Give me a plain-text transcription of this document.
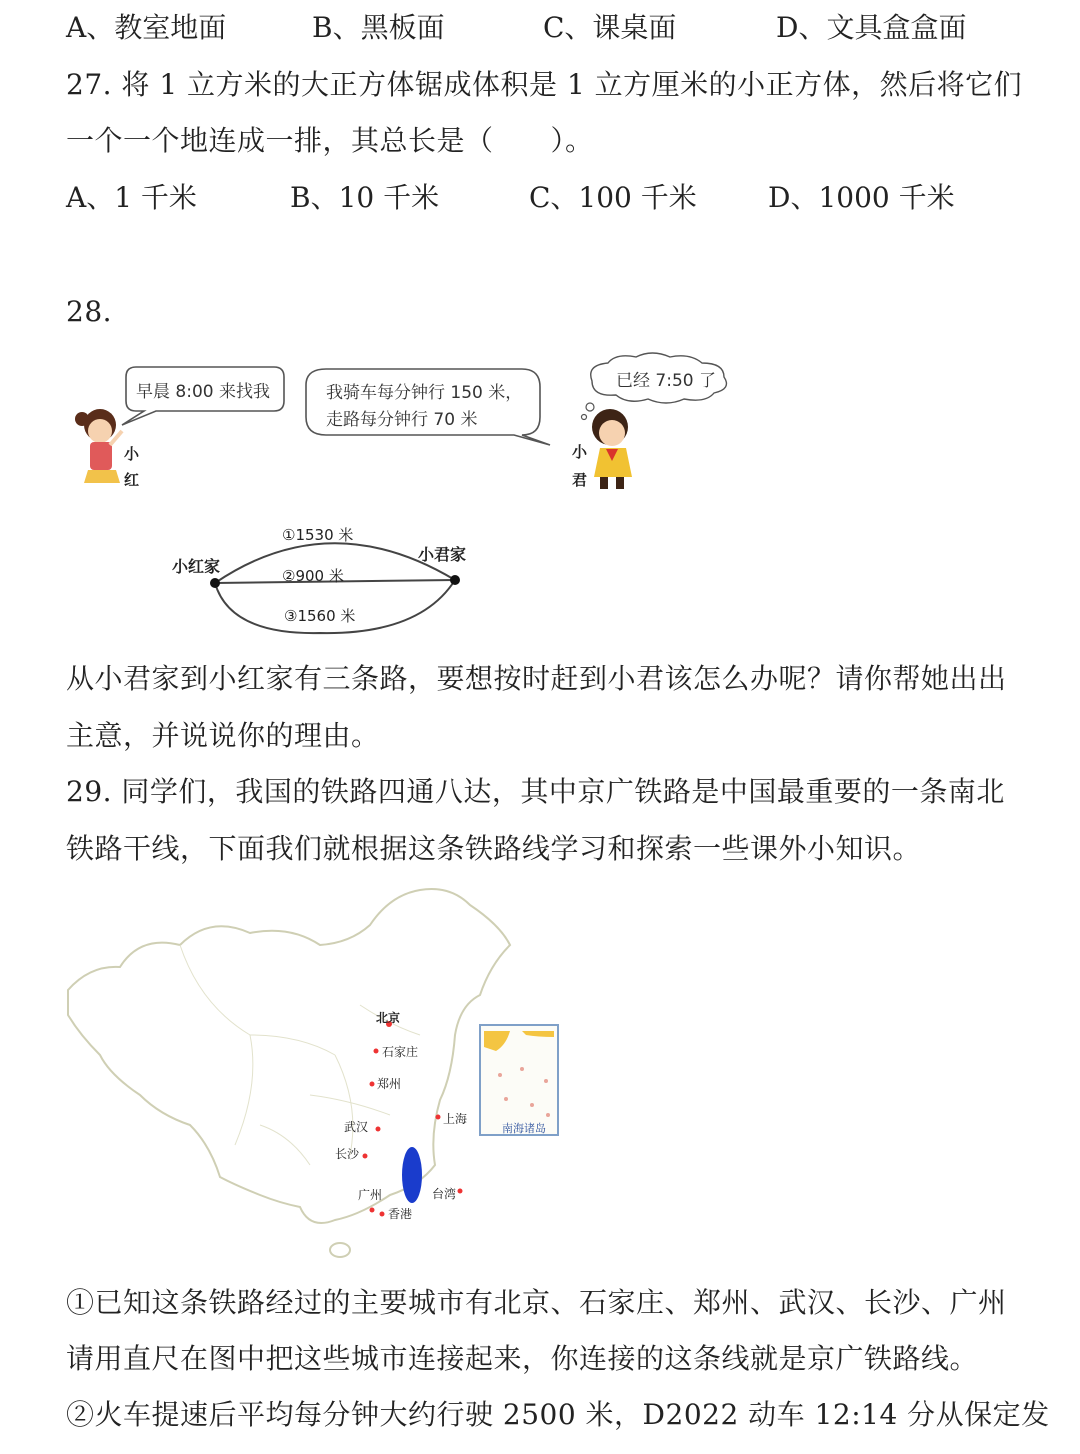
A、教室地面	B、黑板面	C、课桌面	D、文具盒盒面
27. 将 1 立方米的大正方体锯成体积是 1 立方厘米的小正方体，然后将它们
一个一个地连成一排，其总长是（　　）。
A、1 千米	B、10 千米	C、100 千米	D、1000 千米
28.
小
红
早晨 8:00 来找我	我骑车每分钟行 150 米，
走路每分钟行 70 米
已经 7:50 了
小
君
小红家
小君家
①1530 米
②900 米
③1560 米
从小君家到小红家有三条路，要想按时赶到小君该怎么办呢？请你帮她出出
主意，并说说你的理由。
29. 同学们，我国的铁路四通八达，其中京广铁路是中国最重要的一条南北
铁路干线，下面我们就根据这条铁路线学习和探索一些课外小知识。
北京
石家庄
郑州
上海
武汉
长沙
广州
香港
台湾
南海诸岛
①已知这条铁路经过的主要城市有北京、石家庄、郑州、武汉、长沙、广州
请用直尺在图中把这些城市连接起来，你连接的这条线就是京广铁路线。
②火车提速后平均每分钟大约行驶 2500 米，D2022 动车 12:14 分从保定发
